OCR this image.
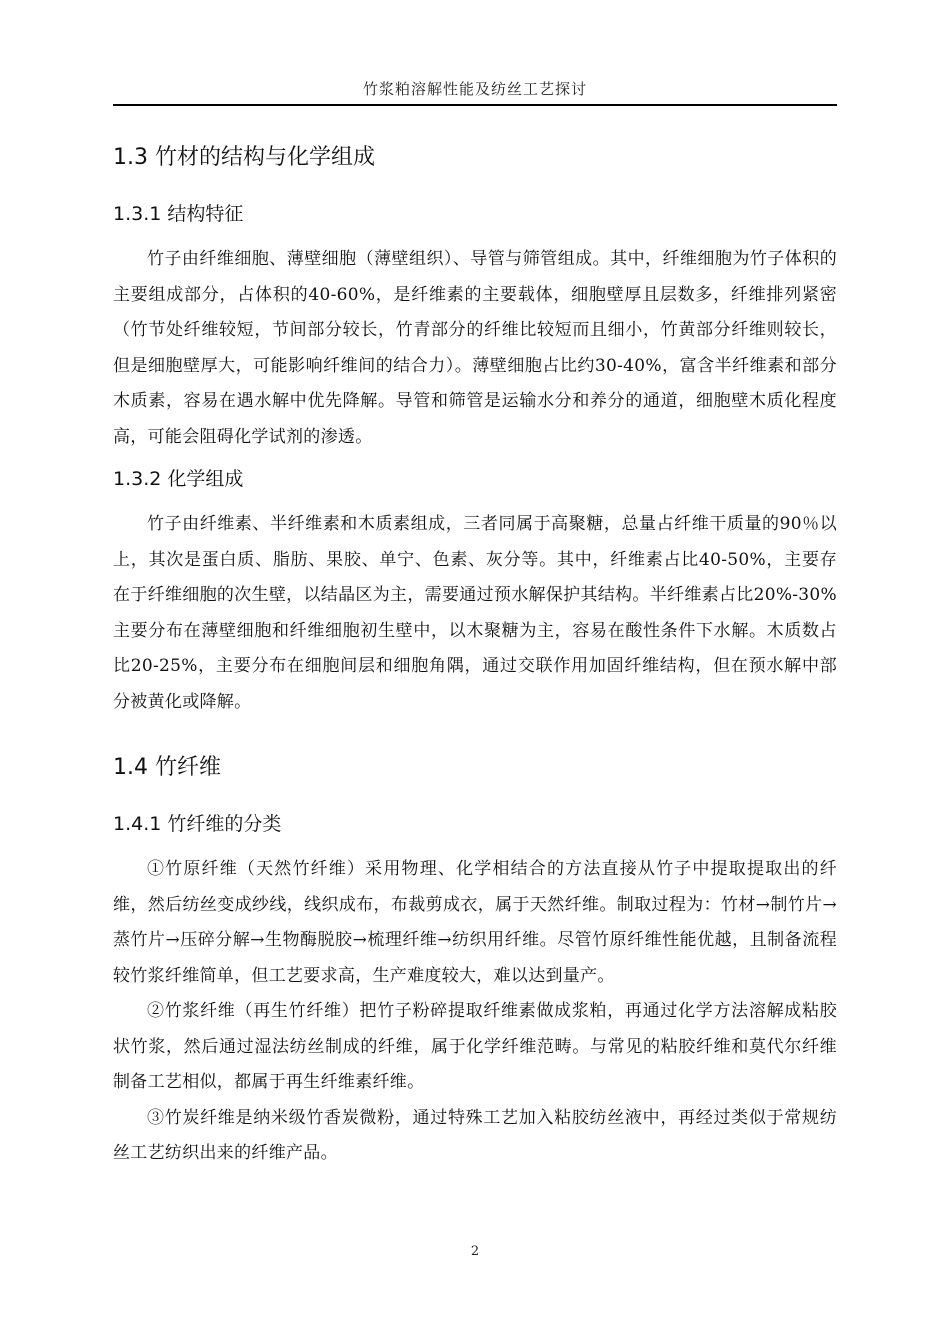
竹浆粕溶解性能及纺丝工艺探讨
1.3 竹材的结构与化学组成
1.3.1 结构特征

竹子由纤维细胞、薄壁细胞（薄壁组织）、导管与筛管组成。其中，纤维细胞为竹子体积的主要组成部分，占体积的40-60%，是纤维素的主要载体，细胞壁厚且层数多，纤维排列紧密（竹节处纤维较短，节间部分较长，竹青部分的纤维比较短而且细小，竹黄部分纤维则较长，但是细胞壁厚大，可能影响纤维间的结合力）。薄壁细胞占比约30-40%，富含半纤维素和部分木质素，容易在遇水解中优先降解。导管和筛管是运输水分和养分的通道，细胞壁木质化程度高，可能会阻碍化学试剂的渗透。

1.3.2 化学组成

竹子由纤维素、半纤维素和木质素组成，三者同属于高聚糖，总量占纤维干质量的90％以上，其次是蛋白质、脂肪、果胶、单宁、色素、灰分等。其中，纤维素占比40-50%，主要存在于纤维细胞的次生壁，以结晶区为主，需要通过预水解保护其结构。半纤维素占比20%-30%主要分布在薄壁细胞和纤维细胞初生壁中，以木聚糖为主，容易在酸性条件下水解。木质数占比20-25%，主要分布在细胞间层和细胞角隅，通过交联作用加固纤维结构，但在预水解中部分被黄化或降解。

1.4 竹纤维
1.4.1 竹纤维的分类

①竹原纤维（天然竹纤维）采用物理、化学相结合的方法直接从竹子中提取提取出的纤维，然后纺丝变成纱线，线织成布，布裁剪成衣，属于天然纤维。制取过程为：竹材→制竹片→蒸竹片→压碎分解→生物酶脱胶→梳理纤维→纺织用纤维。尽管竹原纤维性能优越，且制备流程较竹浆纤维简单，但工艺要求高，生产难度较大，难以达到量产。

②竹浆纤维（再生竹纤维）把竹子粉碎提取纤维素做成浆粕，再通过化学方法溶解成粘胶状竹浆，然后通过湿法纺丝制成的纤维，属于化学纤维范畴。与常见的粘胶纤维和莫代尔纤维制备工艺相似，都属于再生纤维素纤维。

③竹炭纤维是纳米级竹香炭微粉，通过特殊工艺加入粘胶纺丝液中，再经过类似于常规纺丝工艺纺织出来的纤维产品。

2
